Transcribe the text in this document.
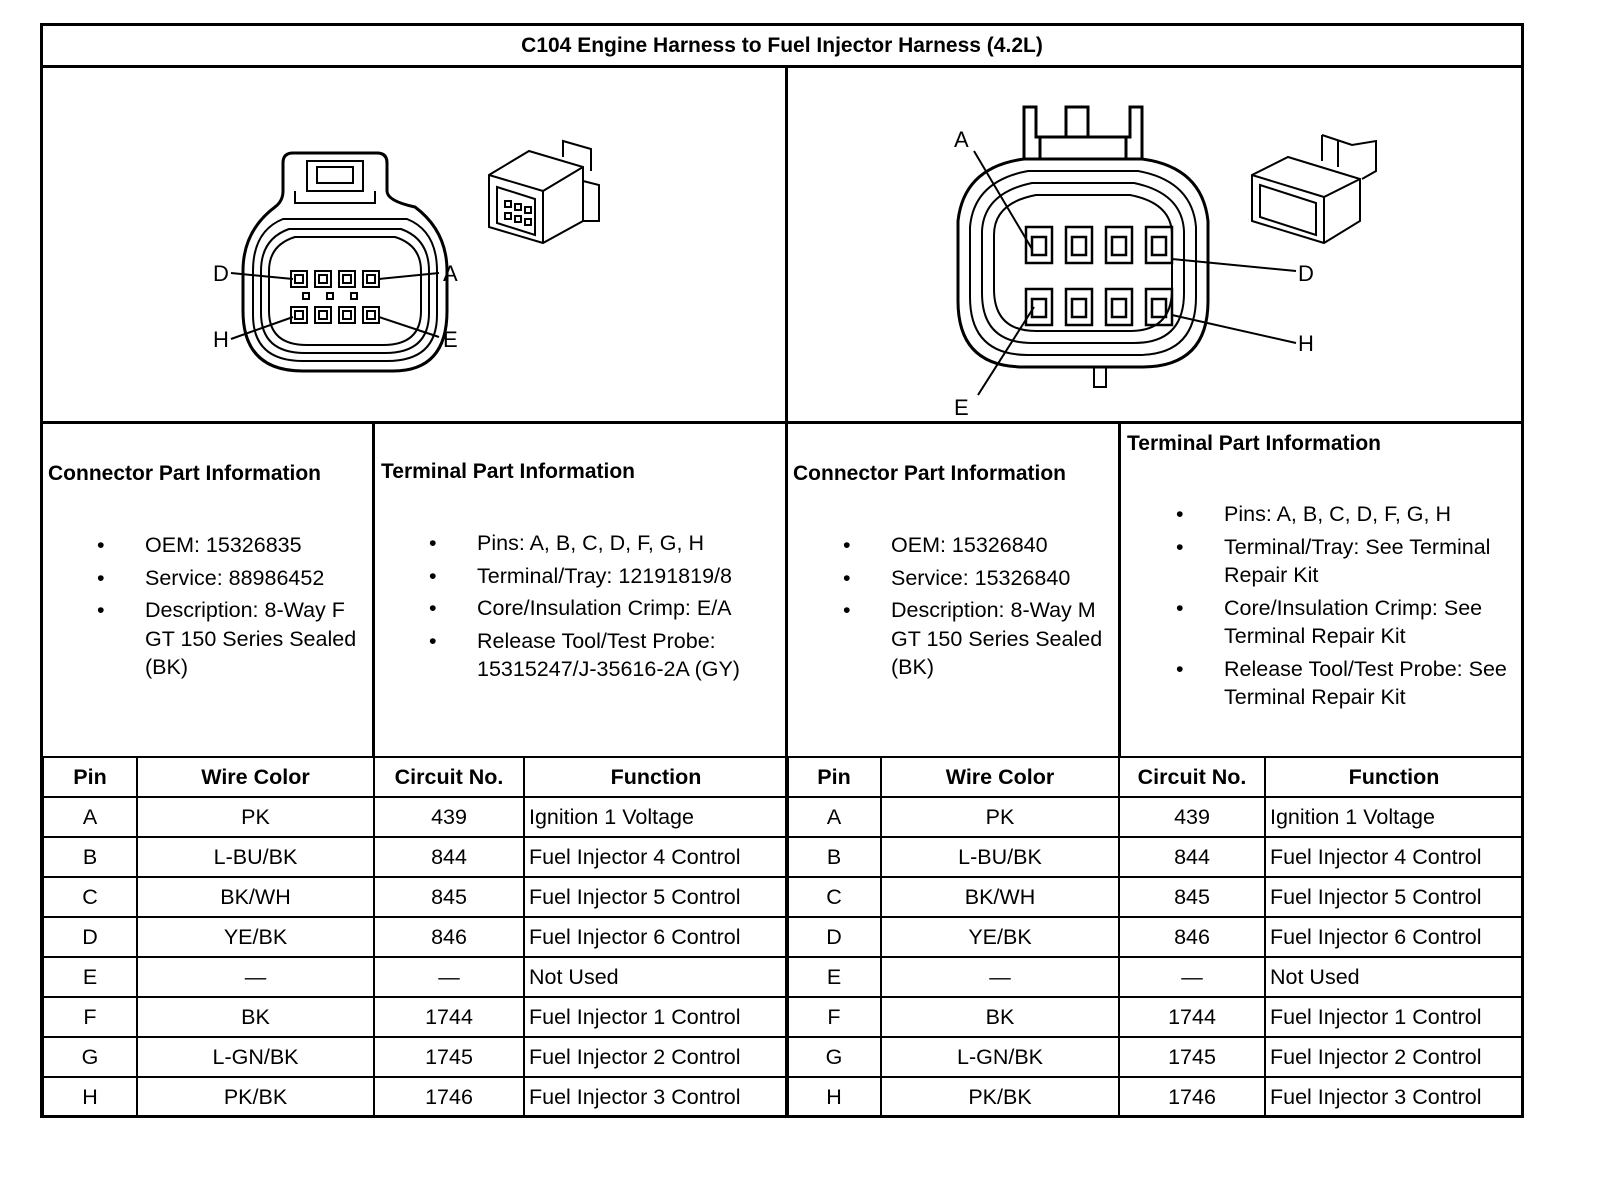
C104 Engine Harness to Fuel Injector Harness (4.2L)
D	A
H	E
A
D
E
H
Connector Part Information
• OEM: 15326835
• Service: 88986452
• Description: 8-Way F GT 150 Series Sealed (BK)
Terminal Part Information
• Pins: A, B, C, D, F, G, H
• Terminal/Tray: 12191819/8
• Core/Insulation Crimp: E/A
• Release Tool/Test Probe: 15315247/J-35616-2A (GY)
Connector Part Information
• OEM: 15326840
• Service: 15326840
• Description: 8-Way M GT 150 Series Sealed (BK)
Terminal Part Information
• Pins: A, B, C, D, F, G, H
• Terminal/Tray: See Terminal Repair Kit
• Core/Insulation Crimp: See Terminal Repair Kit
• Release Tool/Test Probe: See Terminal Repair Kit
Pin	Wire Color	Circuit No.	Function
A	PK	439	Ignition 1 Voltage
B	L-BU/BK	844	Fuel Injector 4 Control
C	BK/WH	845	Fuel Injector 5 Control
D	YE/BK	846	Fuel Injector 6 Control
E	—	—	Not Used
F	BK	1744	Fuel Injector 1 Control
G	L-GN/BK	1745	Fuel Injector 2 Control
H	PK/BK	1746	Fuel Injector 3 Control
Pin	Wire Color	Circuit No.	Function
A	PK	439	Ignition 1 Voltage
B	L-BU/BK	844	Fuel Injector 4 Control
C	BK/WH	845	Fuel Injector 5 Control
D	YE/BK	846	Fuel Injector 6 Control
E	—	—	Not Used
F	BK	1744	Fuel Injector 1 Control
G	L-GN/BK	1745	Fuel Injector 2 Control
H	PK/BK	1746	Fuel Injector 3 Control
